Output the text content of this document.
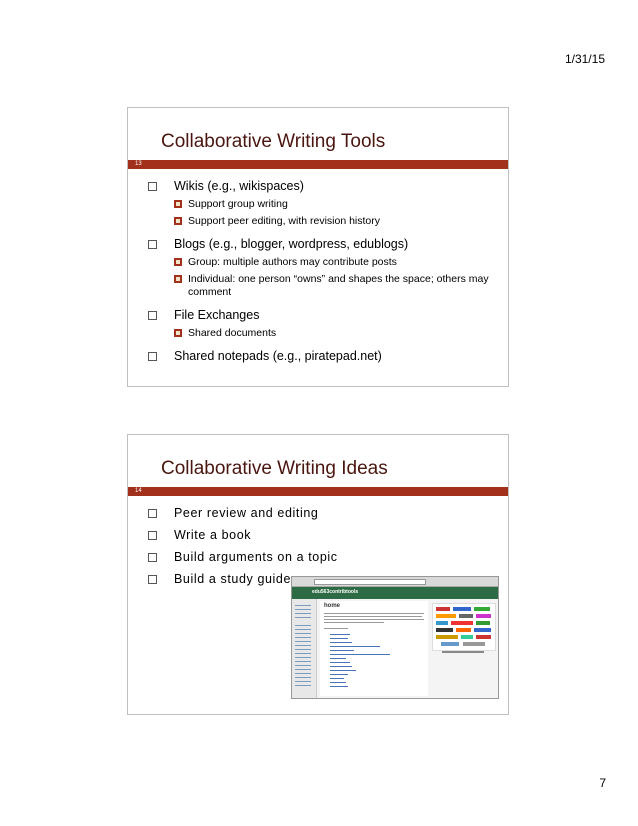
1/31/15
Collaborative Writing Tools
13
Wikis (e.g., wikispaces)
Support group writing
Support peer editing, with revision history
Blogs (e.g., blogger, wordpress, edublogs)
Group: multiple authors may contribute posts
Individual: one person “owns” and shapes the space; others may comment
File Exchanges
Shared documents
Shared notepads (e.g., piratepad.net)
Collaborative Writing Ideas
14
Peer review and editing
Write a book
Build arguments on a topic
Build a study guide
edu563contribtools
home
7
